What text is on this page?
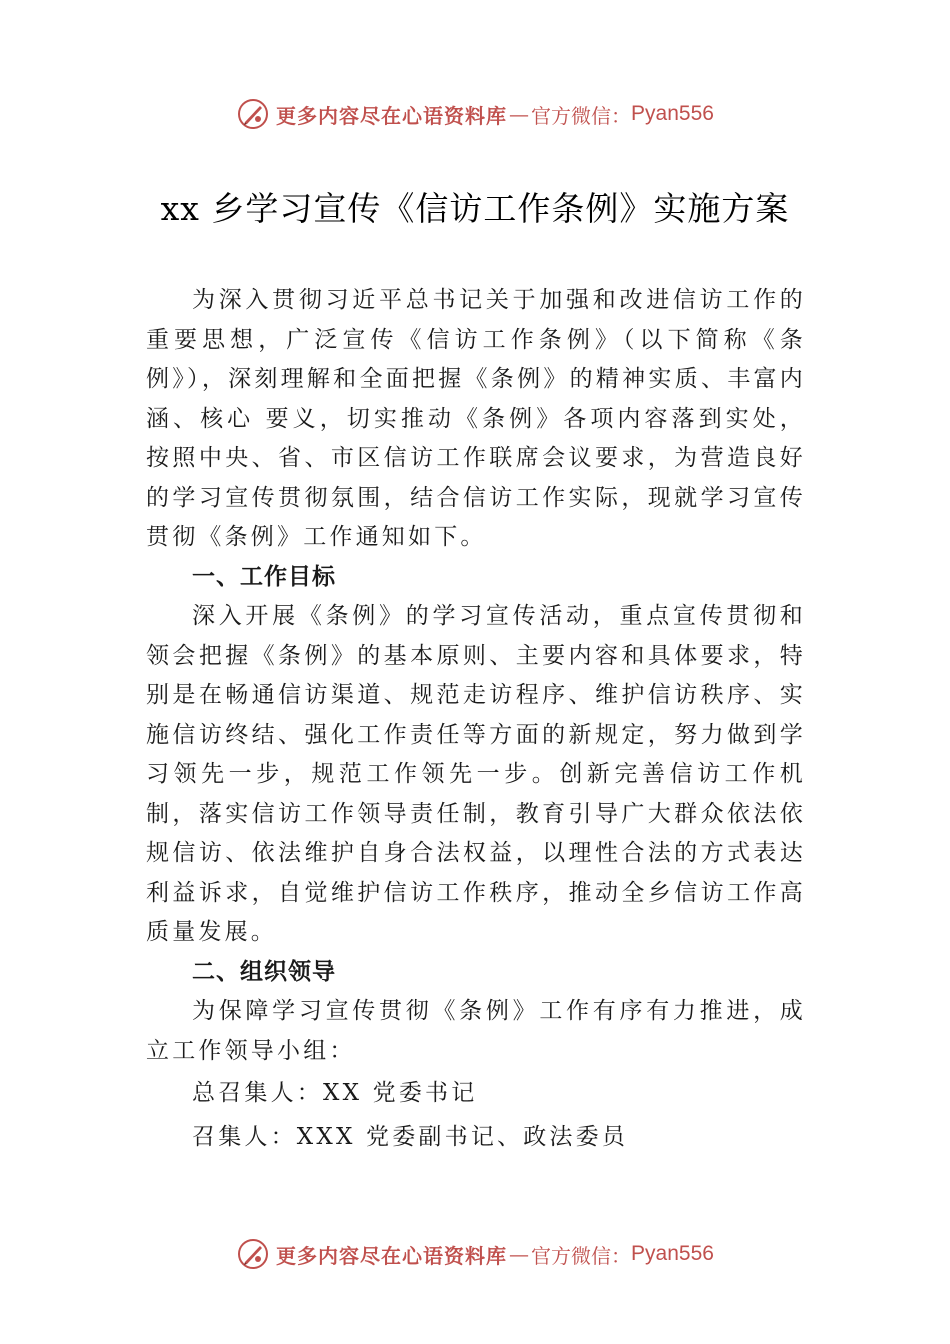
更多内容尽在心语资料库 — 官方微信： Pyan556
xx 乡学习宣传《信访工作条例》实施方案

为深入贯彻习近平总书记关于加强和改进信访工作的重要思想，广泛宣传《信访工作条例》（以下简称《条例》），深刻理解和全面把握《条例》的精神实质、丰富内涵、核心 要义，切实推动《条例》各项内容落到实处，按照中央、省、市区信访工作联席会议要求，为营造良好的学习宣传贯彻氛围，结合信访工作实际，现就学习宣传贯彻《条例》工作通知如下。

一、工作目标

深入开展《条例》的学习宣传活动，重点宣传贯彻和领会把握《条例》的基本原则、主要内容和具体要求，特别是在畅通信访渠道、规范走访程序、维护信访秩序、实施信访终结、强化工作责任等方面的新规定，努力做到学习领先一步，规范工作领先一步。创新完善信访工作机制，落实信访工作领导责任制，教育引导广大群众依法依规信访、依法维护自身合法权益，以理性合法的方式表达利益诉求，自觉维护信访工作秩序，推动全乡信访工作高质量发展。

二、组织领导

为保障学习宣传贯彻《条例》工作有序有力推进，成立工作领导小组：

总召集人：XX 党委书记

召集人：XXX 党委副书记、政法委员

更多内容尽在心语资料库 — 官方微信： Pyan556
